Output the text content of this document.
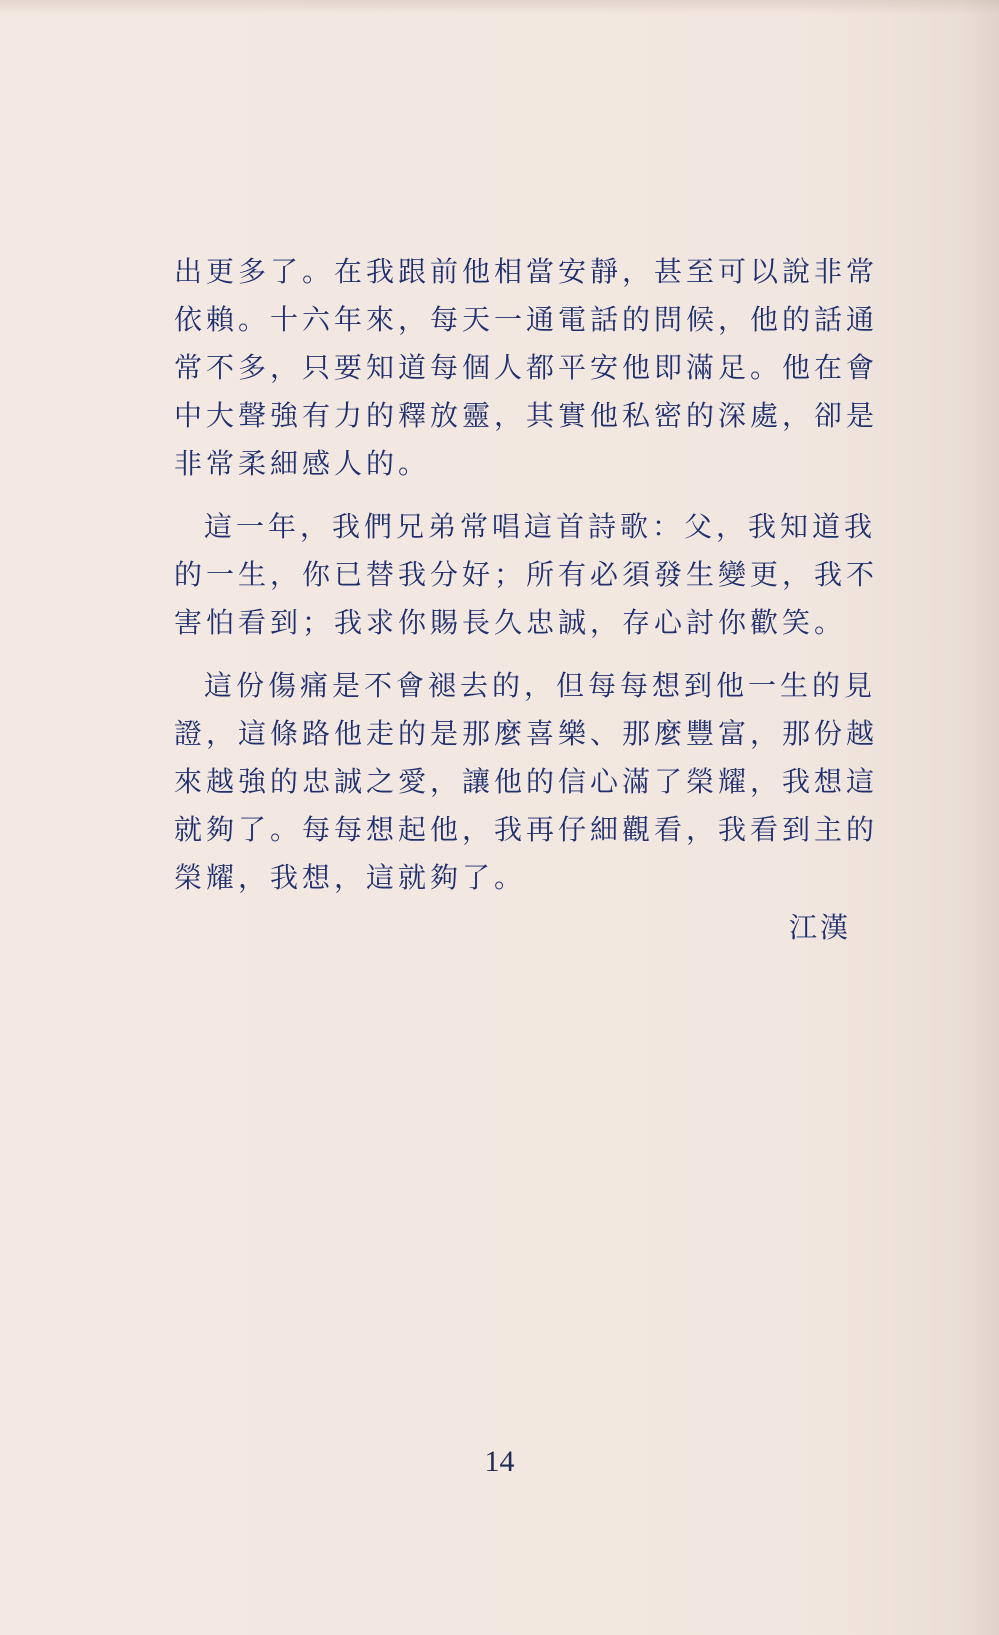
出更多了。在我跟前他相當安靜，甚至可以說非常
依賴。十六年來，每天一通電話的問候，他的話通
常不多，只要知道每個人都平安他即滿足。他在會
中大聲強有力的釋放靈，其實他私密的深處，卻是
非常柔細感人的。
這一年，我們兄弟常唱這首詩歌：父，我知道我
的一生，你已替我分好；所有必須發生變更，我不
害怕看到；我求你賜長久忠誠，存心討你歡笑。
這份傷痛是不會褪去的，但每每想到他一生的見
證，這條路他走的是那麼喜樂、那麼豐富，那份越
來越強的忠誠之愛，讓他的信心滿了榮耀，我想這
就夠了。每每想起他，我再仔細觀看，我看到主的
榮耀，我想，這就夠了。
江漢
14
